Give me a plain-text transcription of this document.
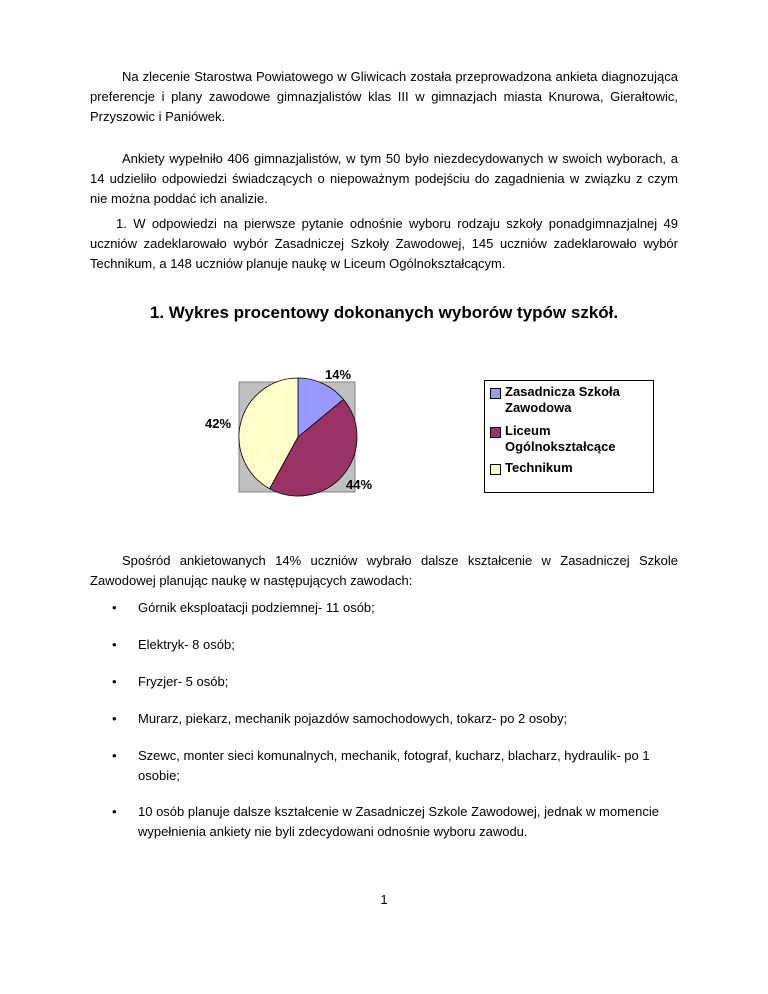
Na zlecenie Starostwa Powiatowego w Gliwicach została przeprowadzona ankieta diagnozująca preferencje i plany zawodowe gimnazjalistów klas III w gimnazjach miasta Knurowa, Gierałtowic, Przyszowic i Paniówek.

Ankiety wypełniło 406 gimnazjalistów, w tym 50 było niezdecydowanych w swoich wyborach, a 14 udzieliło odpowiedzi świadczących o niepoważnym podejściu do zagadnienia w związku z czym nie można poddać ich analizie.

1. W odpowiedzi na pierwsze pytanie odnośnie wyboru rodzaju szkoły ponadgimnazjalnej 49 uczniów zadeklarowało wybór Zasadniczej Szkoły Zawodowej, 145 uczniów zadeklarowało wybór Technikum, a 148 uczniów planuje naukę w Liceum Ogólnokształcącym.

1. Wykres procentowy dokonanych wyborów typów szkół.
14%
44%
42%
Zasadnicza Szkoła Zawodowa
Liceum Ogólnokształcące
Technikum

Spośród ankietowanych 14% uczniów wybrało dalsze kształcenie w Zasadniczej Szkole Zawodowej planując naukę w następujących zawodach:

• Górnik eksploatacji podziemnej- 11 osób;
• Elektryk- 8 osób;
• Fryzjer- 5 osób;
• Murarz, piekarz, mechanik pojazdów samochodowych, tokarz- po 2 osoby;
• Szewc, monter sieci komunalnych, mechanik, fotograf, kucharz, blacharz, hydraulik- po 1 osobie;
• 10 osób planuje dalsze kształcenie w Zasadniczej Szkole Zawodowej, jednak w momencie wypełnienia ankiety nie byli zdecydowani odnośnie wyboru zawodu.
1
